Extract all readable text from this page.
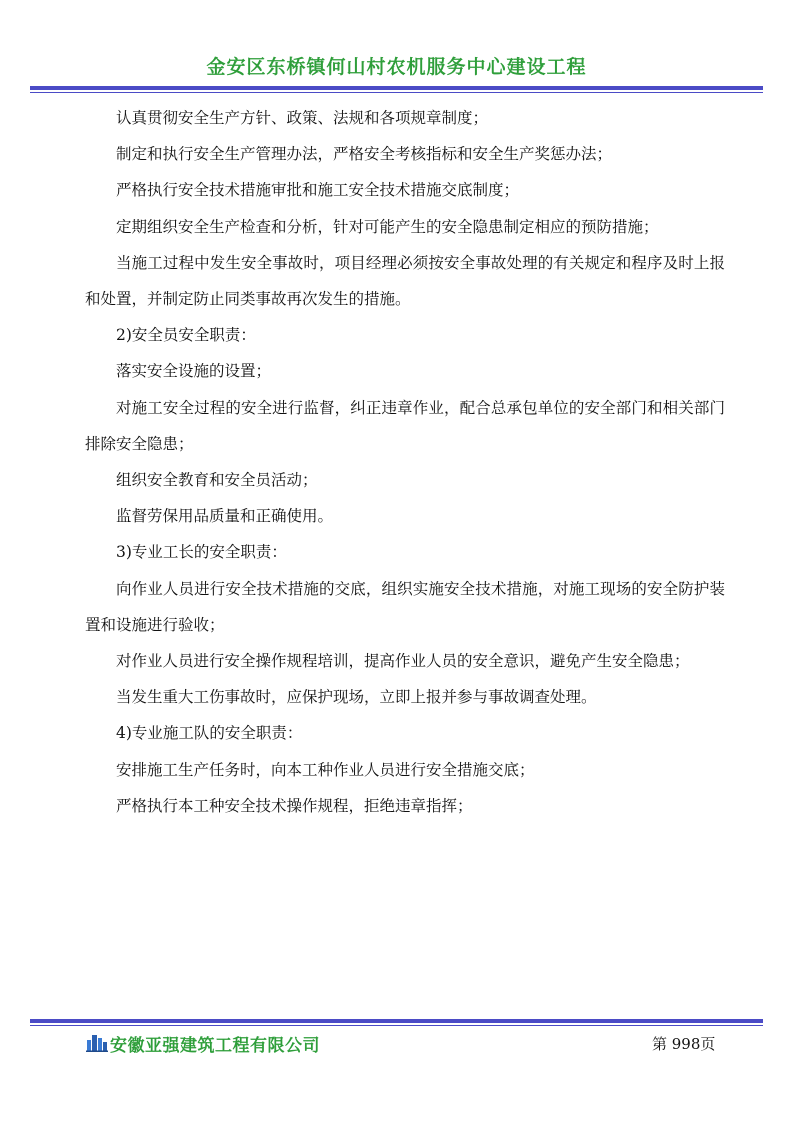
金安区东桥镇何山村农机服务中心建设工程

认真贯彻安全生产方针、政策、法规和各项规章制度；

制定和执行安全生产管理办法，严格安全考核指标和安全生产奖惩办法；

严格执行安全技术措施审批和施工安全技术措施交底制度；

定期组织安全生产检查和分析，针对可能产生的安全隐患制定相应的预防措施；

当施工过程中发生安全事故时，项目经理必须按安全事故处理的有关规定和程序及时上报和处置，并制定防止同类事故再次发生的措施。

2)安全员安全职责：

落实安全设施的设置；

对施工安全过程的安全进行监督，纠正违章作业，配合总承包单位的安全部门和相关部门排除安全隐患；

组织安全教育和安全员活动；

监督劳保用品质量和正确使用。

3)专业工长的安全职责：

向作业人员进行安全技术措施的交底，组织实施安全技术措施，对施工现场的安全防护装置和设施进行验收；

对作业人员进行安全操作规程培训，提高作业人员的安全意识，避免产生安全隐患；

当发生重大工伤事故时，应保护现场，立即上报并参与事故调查处理。

4)专业施工队的安全职责：

安排施工生产任务时，向本工种作业人员进行安全措施交底；

严格执行本工种安全技术操作规程，拒绝违章指挥；

安徽亚强建筑工程有限公司	第 998页
